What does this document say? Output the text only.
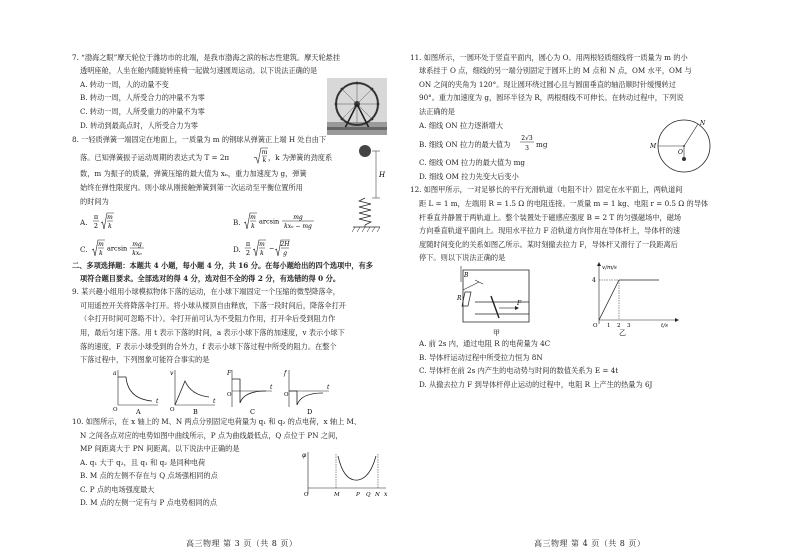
7. “渤海之眼”摩天轮位于潍坊市的北端，是我市渤海之滨的标志性建筑。摩天轮悬挂
透明座舱，人坐在舱内随旋转座椅一起做匀速圆周运动。以下说法正确的是
A. 转动一周，人的动量不变
B. 转动一周，人所受合力的冲量不为零
C. 转动一周，人所受重力的冲量不为零
D. 转动到最高点时，人所受合力为零
8. 一轻质弹簧一端固定在地面上，一质量为 m 的钢球从弹簧正上端 H 处自由下
落。已知弹簧振子运动周期的表达式为 T = 2π
m
k ，k 为弹簧的劲度系
数，m 为振子的质量，弹簧压缩的最大值为 xₙ，重力加速度为 g，弹簧
始终在弹性限度内。则小球从刚接触弹簧到第一次运动至平衡位置所用
的时间为
A.
π
2
m
k	B.
m
k
arcsin mg
kxₙ − mg
C.
m
k
arcsin mg
kxₙ	D.
π
2
m
k
− 2H
g
H
二、多项选择题：本题共 4 小题，每小题 4 分，共 16 分。在每小题给出的四个选项中，有多
项符合题目要求。全部选对的得 4 分，选对但不全的得 2 分，有选错的得 0 分。
9. 某兴趣小组用小球模拟物体下落的运动，在小球下端固定一个压缩的微型降落伞，
可用遥控开关将降落伞打开。将小球从楼顶自由释放，下落一段时间后，降落伞打开
（伞打开时间可忽略不计）。伞打开前可认为不受阻力作用，打开伞后受到阻力作
用，最后匀速下落。用 t 表示下落的时间，a 表示小球下落的加速度，v 表示小球下
落的速度，F 表示小球受到的合外力，f 表示小球下落过程中所受的阻力。在整个
下落过程中，下列图象可能符合事实的是
a
t
O	A
v
t
O	B
F
t
O
C
f
t
O
D
10. 如图所示，在 x 轴上的 M、N 两点分别固定电荷量为 q₁ 和 q₂ 的点电荷，x 轴上 M、
N 之间各点对应的电势如图中曲线所示，P 点为曲线最低点，Q 点位于 PN 之间，
MP 间距离大于 PN 间距离。以下说法中正确的是
A. q₁ 大于 q₂，且 q₁ 和 q₂ 是同种电荷
B. M 点的左侧不存在与 Q 点场强相同的点
C. P 点的电场强度最大
D. M 点的左侧一定有与 P 点电势相同的点
φ
x
O	M	P Q N
高三物理 第 3 页（共 8 页）
11. 如图所示，一圆环处于竖直平面内，圆心为 O。用两根轻质细线将一质量为 m 的小
球系挂于 O 点，细线的另一端分别固定于圆环上的 M 点和 N 点，OM 水平，OM 与
ON 之间的夹角为 120°。现让圆环绕过圆心且与圆面垂直的轴沿顺时针缓慢转过
90°。重力加速度为 g，圆环半径为 R，两根细线不可伸长。在转动过程中，下列说
法正确的是
A. 细线 ON 拉力逐渐增大
B. 细线 ON 拉力的最大值为
2√3
3 mg
C. 细线 OM 拉力的最大值为 mg
D. 细线 OM 拉力先变大后变小
M
O
N
12. 如图甲所示，一对足够长的平行光滑轨道（电阻不计）固定在水平面上，两轨道间
距 L = 1 m，左端用 R = 1.5 Ω 的电阻连接。一质量 m = 1 kg、电阻 r = 0.5 Ω 的导体
杆垂直并静置于两轨道上。整个装置处于磁感应强度 B = 2 T 的匀强磁场中，磁场
方向垂直轨道平面向上。现用水平拉力 F 沿轨道方向作用在导体杆上，导体杆的速
度随时间变化的关系如图乙所示。某时刻撤去拉力 F，导体杆又滑行了一段距离后
停下。则以下说法正确的是
B
R
F
甲
v/m/s
4
O 1 2 3	t/s
乙
A. 前 2s 内，通过电阻 R 的电荷量为 4C
B. 导体杆运动过程中所受拉力恒为 8N
C. 导体杆在前 2s 内产生的电动势与时间的数值关系为 E = 4t
D. 从撤去拉力 F 到导体杆停止运动的过程中，电阻 R 上产生的热量为 6J
高三物理 第 4 页（共 8 页）
